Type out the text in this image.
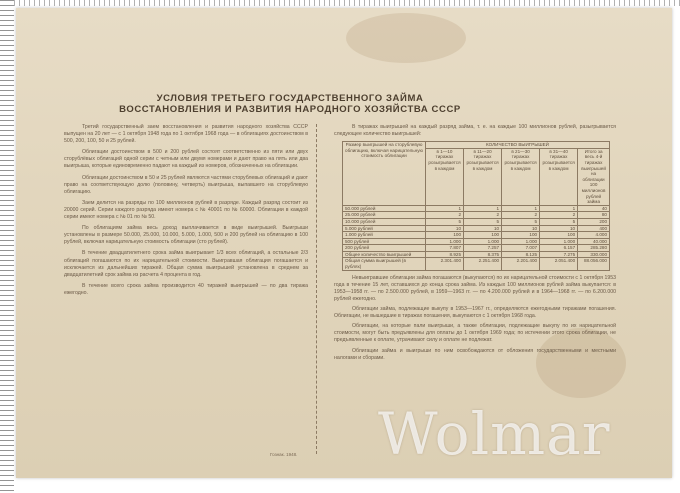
УСЛОВИЯ ТРЕТЬЕГО ГОСУДАРСТВЕННОГО ЗАЙМА
ВОССТАНОВЛЕНИЯ И РАЗВИТИЯ НАРОДНОГО ХОЗЯЙСТВА СССР

Третий государственный заем восстановления и развития народного хозяйства СССР выпущен на 20 лет — с 1 октября 1948 года по 1 октября 1968 года — в облигациях достоинством в 500, 200, 100, 50 и 25 рублей.

Облигации достоинством в 500 и 200 рублей состоят соответственно из пяти или двух сторублёвых облигаций одной серии с четным или двумя номерами и дают право на пять или два выигрыша, которые единовременно падают на каждый из номеров, обозначенных на облигации.

Облигации достоинством в 50 и 25 рублей являются частями сторублевых облигаций и дают право на соответствующую долю (половину, четверть) выигрыша, выпавшего на сторублевую облигацию.

Заем делится на разряды по 100 миллионов рублей в разряде. Каждый разряд состоит из 20000 серий. Серии каждого разряда имеют номера с № 40001 по № 60000. Облигации в каждой серии имеют номера с № 01 по № 50.

По облигациям займа весь доход выплачивается в виде выигрышей. Выигрыши установлены в размере 50.000, 25.000, 10.000, 5.000, 1.000, 500 и 200 рублей на облигацию в 100 рублей, включая нарицательную стоимость облигации (сто рублей).

В течение двадцатилетнего срока займа выигрывает 1/3 всех облигаций, а остальные 2/3 облигаций погашаются по их нарицательной стоимости. Выигравшая облигация погашается и исключается из дальнейших тиражей. Общая сумма выигрышей установлена в среднем за двадцатилетний срок займа из расчета 4 процента в год.

В течение всего срока займа производится 40 тиражей выигрышей — по два тиража ежегодно.

В тиражах выигрышей на каждый разряд займа, т. е. на каждые 100 миллионов рублей, разыгрывается следующее количество выигрышей:

Размер выигрышей на сторублевую облигацию, включая нарицательную стоимость облигации	КОЛИЧЕСТВО ВЫИГРЫШЕЙ				
	в 1—10 тиражах розыгрывается в каждом	в 11—20 тиражах розыгрывается в каждом	в 21—30 тиражах розыгрывается в каждом	в 31—40 тиражах розыгрывается в каждом	Итого за весь 4-й тиражах выигрышей на облигации 100 миллионов рублей займа
50.000 рублей	1	1	1	1	40
25.000 рублей	2	2	2	2	80
10.000 рублей	5	5	5	5	200
5.000 рублей	10	10	10	10	400
1.000 рублей	100	100	100	100	4.000
500 рублей	1.000	1.000	1.000	1.000	40.000
200 рублей	7.807	7.257	7.007	6.157	285.280
Общее количество выигрышей	8.925	8.375	8.125	7.275	330.000
Общая сумма выигрышей (в рублях)	2.301.400	2.251.400	2.201.400	2.051.400	88.056.000

Невыигравшие облигации займа погашаются (выкупаются) по их нарицательной стоимости с 1 октября 1953 года в течение 15 лет, оставшихся до конца срока займа. Из каждых 100 миллионов рублей займа выкупается: в 1953—1958 гг. — по 2.500.000 рублей, в 1959—1963 гг. — по 4.200.000 рублей и в 1964—1968 гг. — по 6.200.000 рублей ежегодно.

Облигации займа, подлежащие выкупу в 1953—1967 гг., определяются ежегодными тиражами погашения. Облигации, не вышедшие в тиражах погашения, выкупаются с 1 октября 1968 года.

Облигации, на которые пали выигрыши, а также облигации, подлежащие выкупу по их нарицательной стоимости, могут быть предъявлены для оплаты до 1 октября 1969 года; по истечении этого срока облигации, не предъявленные к оплате, утрачивают силу и оплате не подлежат.

Облигации займа и выигрыши по ним освобождаются от обложения государственными и местными налогами и сборами.

Гознак. 1948. Wolmar
